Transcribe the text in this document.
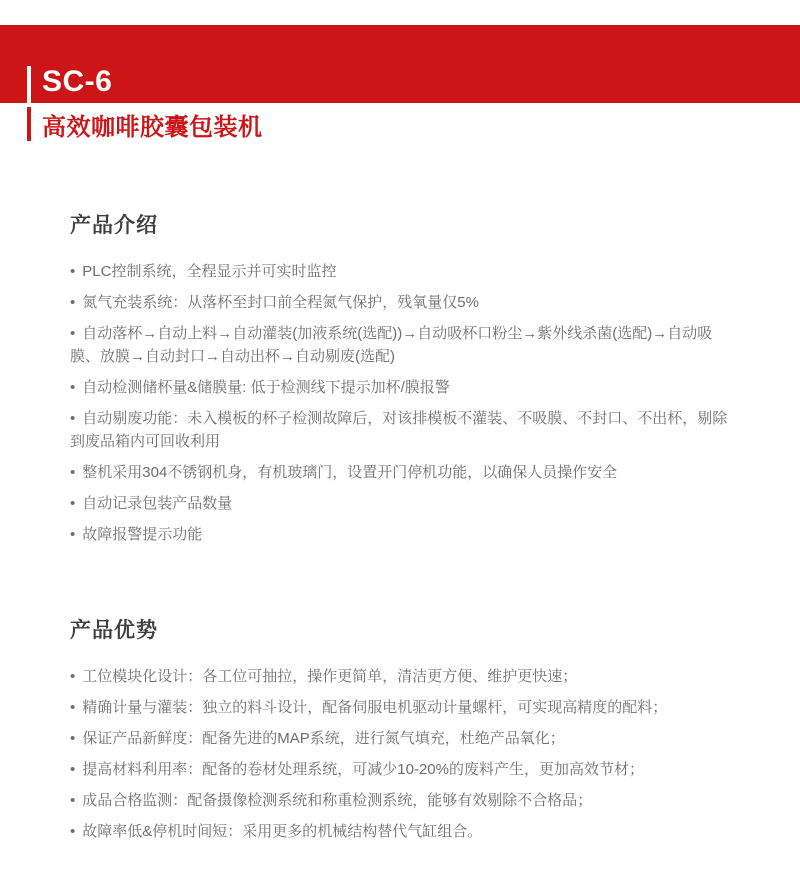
SC-6
高效咖啡胶囊包装机
产品介绍
• PLC控制系统，全程显示并可实时监控
• 氮气充装系统：从落杯至封口前全程氮气保护，残氧量仅5%
• 自动落杯→自动上料→自动灌装(加液系统(选配))→自动吸杯口粉尘→紫外线杀菌(选配)→自动吸膜、放膜→自动封口→自动出杯→自动剔废(选配)
• 自动检测储杯量&储膜量: 低于检测线下提示加杯/膜报警
• 自动剔废功能：未入模板的杯子检测故障后，对该排模板不灌装、不吸膜、不封口、不出杯，剔除到废品箱内可回收利用
• 整机采用304不锈钢机身，有机玻璃门，设置开门停机功能，以确保人员操作安全
• 自动记录包装产品数量
• 故障报警提示功能
产品优势
• 工位模块化设计：各工位可抽拉，操作更简单，清洁更方便、维护更快速；
• 精确计量与灌装：独立的料斗设计，配备伺服电机驱动计量螺杆，可实现高精度的配料；
• 保证产品新鲜度：配备先进的MAP系统，进行氮气填充，杜绝产品氧化；
• 提高材料利用率：配备的卷材处理系统，可减少10-20%的废料产生，更加高效节材；
• 成品合格监测：配备摄像检测系统和称重检测系统，能够有效剔除不合格品；
• 故障率低&停机时间短：采用更多的机械结构替代气缸组合。
